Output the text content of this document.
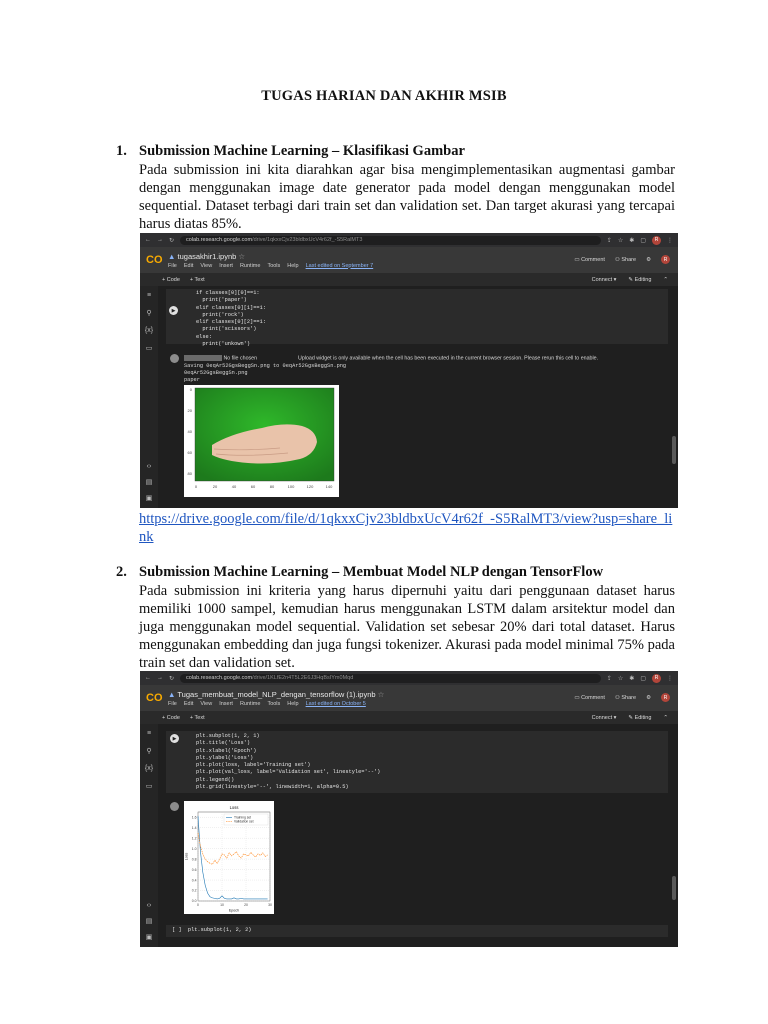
TUGAS HARIAN DAN AKHIR MSIB
1. Submission Machine Learning – Klasifikasi Gambar

Pada submission ini kita diarahkan agar bisa mengimplementasikan augmentasi gambar dengan menggunakan image date generator pada model dengan menggunakan model sequential. Dataset terbagi dari train set dan validation set. Dan target akurasi yang tercapai harus diatas 85%.

← → ↻ colab.research.google.com /drive/1qkxxCjv23bldbxUcV4r62f_-S5RalMT3	⇪ ☆ ✱ ▢	R	⋮
CO ▲ tugasakhir1.ipynb ☆
File Edit View Insert Runtime Tools Help Last edited on September 7
▭ Comment ⚇ Share ⚙	R
+ Code + Text	Connect ▾ ✎ Editing ⌃
≡
⚲
{x}
▭
‹›
▤
▣
if classes[0][0]==1:
print('paper')
elif classes[0][1]==1:
print('rock')
elif classes[0][2]==1:
print('scissors')
else:
print('unkown')
▶
No file chosen	Upload widget is only available when the cell has been executed in the current browser session. Please rerun this cell to enable.
Saving 0eqAr52GgsBeggSn.png to 0eqAr52GgsBeggSn.png
0eqAr52GgsBeggSn.png
paper
0
20
40
60
80
0	20	40	60	80	100	120	140
https://drive.google.com/file/d/1qkxxCjv23bldbxUcV4r62f_-S5RalMT3/view?usp=share_link
2. Submission Machine Learning – Membuat Model NLP dengan TensorFlow

Pada submission ini kriteria yang harus dipernuhi yaitu dari penggunaan dataset harus memiliki 1000 sampel, kemudian harus menggunakan LSTM dalam arsitektur model dan juga menggunakan model sequential. Validation set sebesar 20% dari total dataset. Harus menggunakan embedding dan juga fungsi tokenizer. Akurasi pada model minimal 75% pada train set dan validation set.

← → ↻ colab.research.google.com /drive/1KLfE2n4T5L2E6J3HqBsIYm0Mqd	⇪ ☆ ✱ ▢	R	⋮
CO ▲ Tugas_membuat_model_NLP_dengan_tensorflow (1).ipynb ☆
File Edit View Insert Runtime Tools Help Last edited on October 5
▭ Comment ⚇ Share ⚙	R
+ Code + Text	Connect ▾ ✎ Editing ⌃
≡
⚲
{x}
▭
‹›
▤
▣
plt.subplot(1, 2, 1)
plt.title('Loss')
plt.xlabel('Epoch')
plt.ylabel('Loss')
plt.plot(loss, label='Training set')
plt.plot(val_loss, label='Validation set', linestyle='--')
plt.legend()
plt.grid(linestyle='--', linewidth=1, alpha=0.5)
▶
0.0
0.2
0.4
0.6
0.8
1.0
1.2
1.4
1.6
0	10	20	30
Loss
Epoch
Loss
Training set
Validation set
[ ]  plt.subplot(1, 2, 2)
